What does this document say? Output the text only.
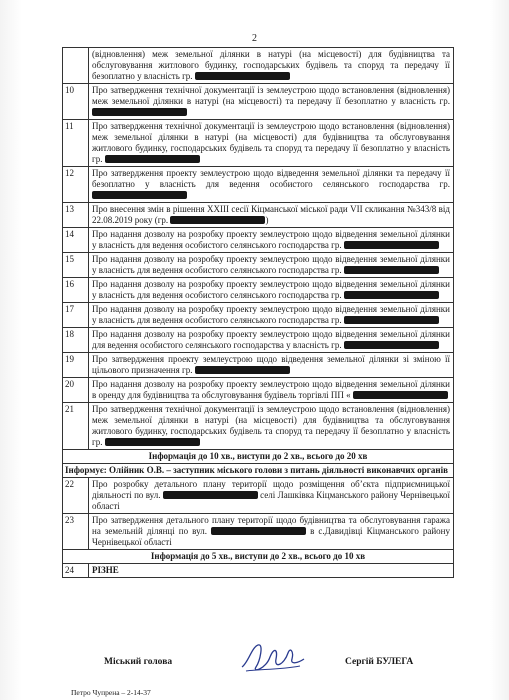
2
	(відновлення) меж земельної ділянки в натурі (на місцевості) для будівництва та обслуговування житлового будинку, господарських будівель та споруд та передачу її безоплатно у власність гр.
10	Про затвердження технічної документації із землеустрою щодо встановлення (відновлення) меж земельної ділянки в натурі (на місцевості) та передачу її безоплатно у власність гр.
11	Про затвердження технічної документації із землеустрою щодо встановлення (відновлення) меж земельної ділянки в натурі (на місцевості) для будівництва та обслуговування житлового будинку, господарських будівель та споруд та передачу її безоплатно у власність гр.
12	Про затвердження проекту землеустрою щодо відведення земельної ділянки та передачу її безоплатно у власність для ведення особистого селянського господарства гр.
13	Про внесення змін в рішення ХХІІІ сесії Кіцманської міської ради VII скликання №343/8 від 22.08.2019 року (гр. )
14	Про надання дозволу на розробку проекту землеустрою щодо відведення земельної ділянки у власність для ведення особистого селянського господарства гр.
15	Про надання дозволу на розробку проекту землеустрою щодо відведення земельної ділянки у власність для ведення особистого селянського господарства гр.
16	Про надання дозволу на розробку проекту землеустрою щодо відведення земельної ділянки у власність для ведення особистого селянського господарства гр.
17	Про надання дозволу на розробку проекту землеустрою щодо відведення земельної ділянки у власність для ведення особистого селянського господарства гр.
18	Про надання дозволу на розробку проекту землеустрою щодо відведення земельної ділянки для ведення особистого селянського господарства у власність гр.
19	Про затвердження проекту землеустрою щодо відведення земельної ділянки зі зміною її цільового призначення гр.
20	Про надання дозволу на розробку проекту землеустрою щодо відведення земельної ділянки в оренду для будівництва та обслуговування будівель торгівлі ПП «
21	Про затвердження технічної документації із землеустрою щодо встановлення (відновлення) меж земельної ділянки в натурі (на місцевості) для будівництва та обслуговування житлового будинку, господарських будівель та споруд та передачу її безоплатно у власність гр.
Інформація до 10 хв., виступи до 2 хв., всього до 20 хв	
Інформує: Олійник О.В. – заступник міського голови з питань діяльності виконавчих органів	
22	Про розробку детального плану території щодо розміщення об’єкта підприємницької діяльності по вул. селі Лашківка Кіцманського району Чернівецької області
23	Про затвердження детального плану території щодо будівництва та обслуговування гаража на земельній ділянці по вул. в с.Давидівці Кіцманського району Чернівецької області
Інформація до 5 хв., виступи до 2 хв., всього до 10 хв	
24	РІЗНЕ
Міський голова	Сергій БУЛЕГА
Петро Чупрена – 2-14-37
